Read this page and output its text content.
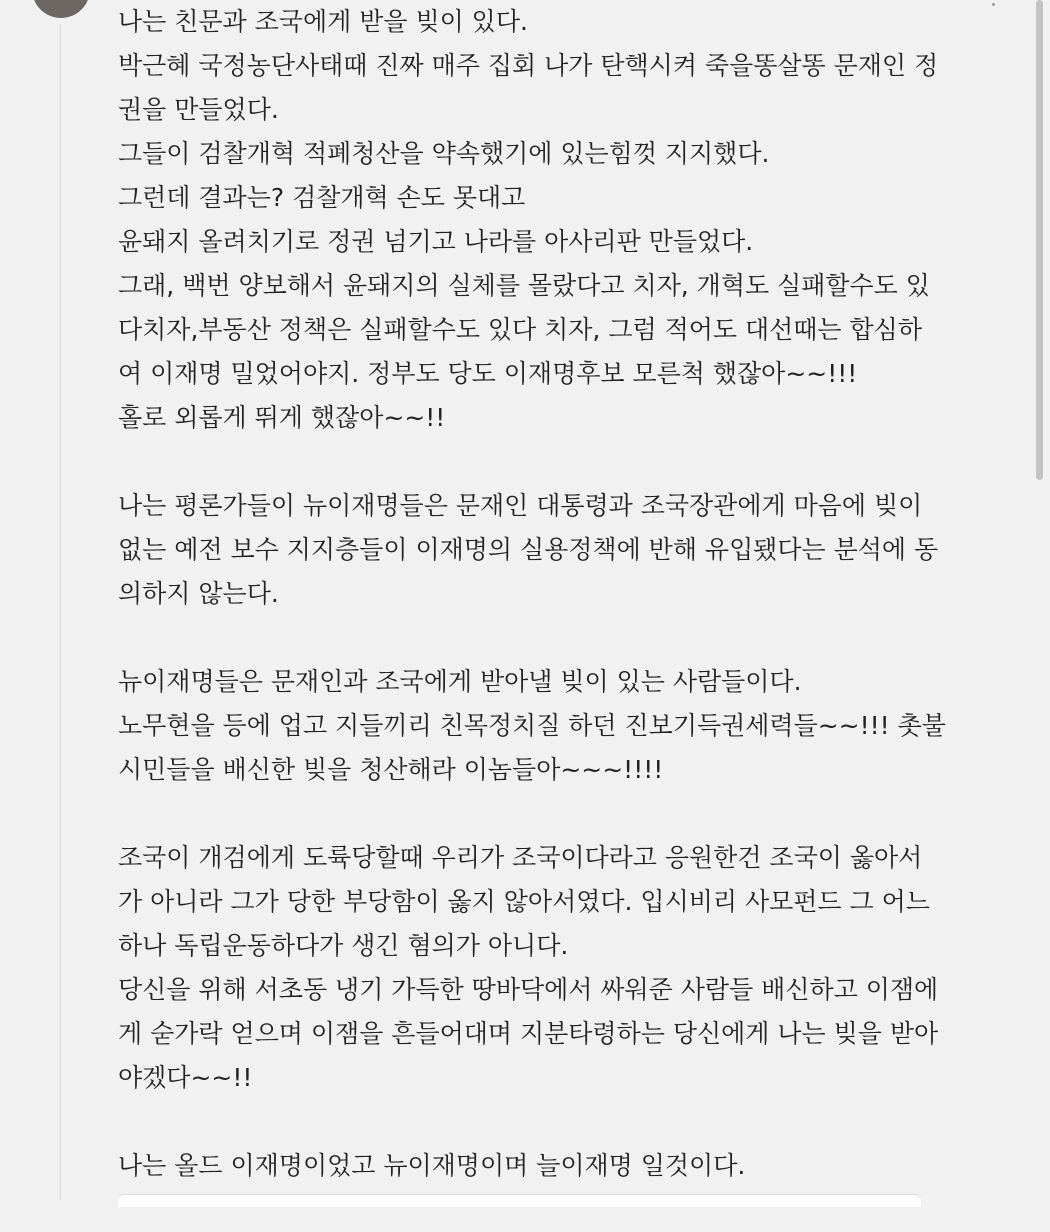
나는 친문과 조국에게 받을 빚이 있다.
박근혜 국정농단사태때 진짜 매주 집회 나가 탄핵시켜 죽을똥살똥 문재인 정
권을 만들었다.
그들이 검찰개혁 적폐청산을 약속했기에 있는힘껏 지지했다.
그런데 결과는? 검찰개혁 손도 못대고
윤돼지 올려치기로 정권 넘기고 나라를 아사리판 만들었다.
그래, 백번 양보해서 윤돼지의 실체를 몰랐다고 치자, 개혁도 실패할수도 있
다치자,부동산 정책은 실패할수도 있다 치자, 그럼 적어도 대선때는 합심하
여 이재명 밀었어야지. 정부도 당도 이재명후보 모른척 했잖아~~!!!
홀로 외롭게 뛰게 했잖아~~!!
나는 평론가들이 뉴이재명들은 문재인 대통령과 조국장관에게 마음에 빚이
없는 예전 보수 지지층들이 이재명의 실용정책에 반해 유입됐다는 분석에 동
의하지 않는다.
뉴이재명들은 문재인과 조국에게 받아낼 빚이 있는 사람들이다.
노무현을 등에 업고 지들끼리 친목정치질 하던 진보기득권세력들~~!!! 촛불
시민들을 배신한 빚을 청산해라 이놈들아~~~!!!!
조국이 개검에게 도륙당할때 우리가 조국이다라고 응원한건 조국이 옳아서
가 아니라 그가 당한 부당함이 옳지 않아서였다. 입시비리 사모펀드 그 어느
하나 독립운동하다가 생긴 혐의가 아니다.
당신을 위해 서초동 냉기 가득한 땅바닥에서 싸워준 사람들 배신하고 이잼에
게 숟가락 얻으며 이잼을 흔들어대며 지분타령하는 당신에게 나는 빚을 받아
야겠다~~!!
나는 올드 이재명이었고 뉴이재명이며 늘이재명 일것이다.
